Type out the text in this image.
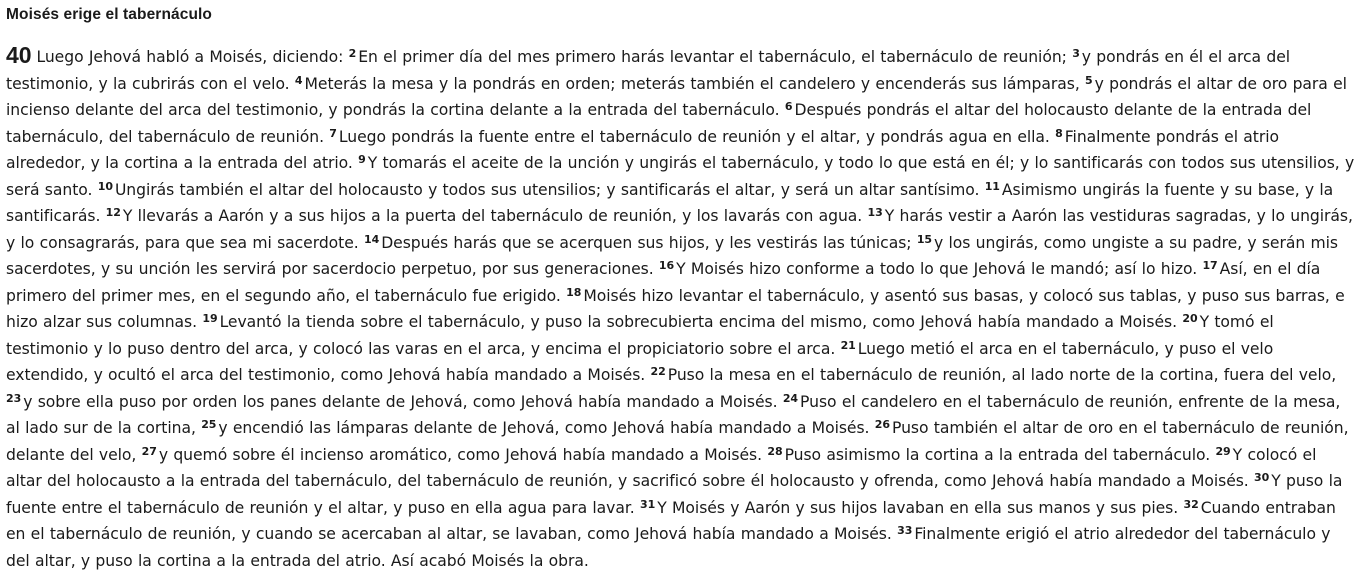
Moisés erige el tabernáculo

40 Luego Jehová habló a Moisés, diciendo: $^2$ En el primer día del mes primero harás levantar el tabernáculo, el tabernáculo de reunión; $^3$ y pondrás en él el arca del testimonio, y la cubrirás con el velo. $^4$ Meterás la mesa y la pondrás en orden; meterás también el candelero y encenderás sus lámparas, $^5$ y pondrás el altar de oro para el incienso delante del arca del testimonio, y pondrás la cortina delante a la entrada del tabernáculo. $^6$ Después pondrás el altar del holocausto delante de la entrada del tabernáculo, del tabernáculo de reunión. $^7$ Luego pondrás la fuente entre el tabernáculo de reunión y el altar, y pondrás agua en ella. $^8$ Finalmente pondrás el atrio alrededor, y la cortina a la entrada del atrio. $^9$ Y tomarás el aceite de la unción y ungirás el tabernáculo, y todo lo que está en él; y lo santificarás con todos sus utensilios, y será santo. $^{10}$ Ungirás también el altar del holocausto y todos sus utensilios; y santificarás el altar, y será un altar santísimo. $^{11}$ Asimismo ungirás la fuente y su base, y la santificarás. $^{12}$ Y llevarás a Aarón y a sus hijos a la puerta del tabernáculo de reunión, y los lavarás con agua. $^{13}$ Y harás vestir a Aarón las vestiduras sagradas, y lo ungirás, y lo consagrarás, para que sea mi sacerdote. $^{14}$ Después harás que se acerquen sus hijos, y les vestirás las túnicas; $^{15}$ y los ungirás, como ungiste a su padre, y serán mis sacerdotes, y su unción les servirá por sacerdocio perpetuo, por sus generaciones. $^{16}$ Y Moisés hizo conforme a todo lo que Jehová le mandó; así lo hizo. $^{17}$ Así, en el día primero del primer mes, en el segundo año, el tabernáculo fue erigido. $^{18}$ Moisés hizo levantar el tabernáculo, y asentó sus basas, y colocó sus tablas, y puso sus barras, e hizo alzar sus columnas. $^{19}$ Levantó la tienda sobre el tabernáculo, y puso la sobrecubierta encima del mismo, como Jehová había mandado a Moisés. $^{20}$ Y tomó el testimonio y lo puso dentro del arca, y colocó las varas en el arca, y encima el propiciatorio sobre el arca. $^{21}$ Luego metió el arca en el tabernáculo, y puso el velo extendido, y ocultó el arca del testimonio, como Jehová había mandado a Moisés. $^{22}$ Puso la mesa en el tabernáculo de reunión, al lado norte de la cortina, fuera del velo, $^{23}$ y sobre ella puso por orden los panes delante de Jehová, como Jehová había mandado a Moisés. $^{24}$ Puso el candelero en el tabernáculo de reunión, enfrente de la mesa, al lado sur de la cortina, $^{25}$ y encendió las lámparas delante de Jehová, como Jehová había mandado a Moisés. $^{26}$ Puso también el altar de oro en el tabernáculo de reunión, delante del velo, $^{27}$ y quemó sobre él incienso aromático, como Jehová había mandado a Moisés. $^{28}$ Puso asimismo la cortina a la entrada del tabernáculo. $^{29}$ Y colocó el altar del holocausto a la entrada del tabernáculo, del tabernáculo de reunión, y sacrificó sobre él holocausto y ofrenda, como Jehová había mandado a Moisés. $^{30}$ Y puso la fuente entre el tabernáculo de reunión y el altar, y puso en ella agua para lavar. $^{31}$ Y Moisés y Aarón y sus hijos lavaban en ella sus manos y sus pies. $^{32}$ Cuando entraban en el tabernáculo de reunión, y cuando se acercaban al altar, se lavaban, como Jehová había mandado a Moisés. $^{33}$ Finalmente erigió el atrio alrededor del tabernáculo y del altar, y puso la cortina a la entrada del atrio. Así acabó Moisés la obra.
